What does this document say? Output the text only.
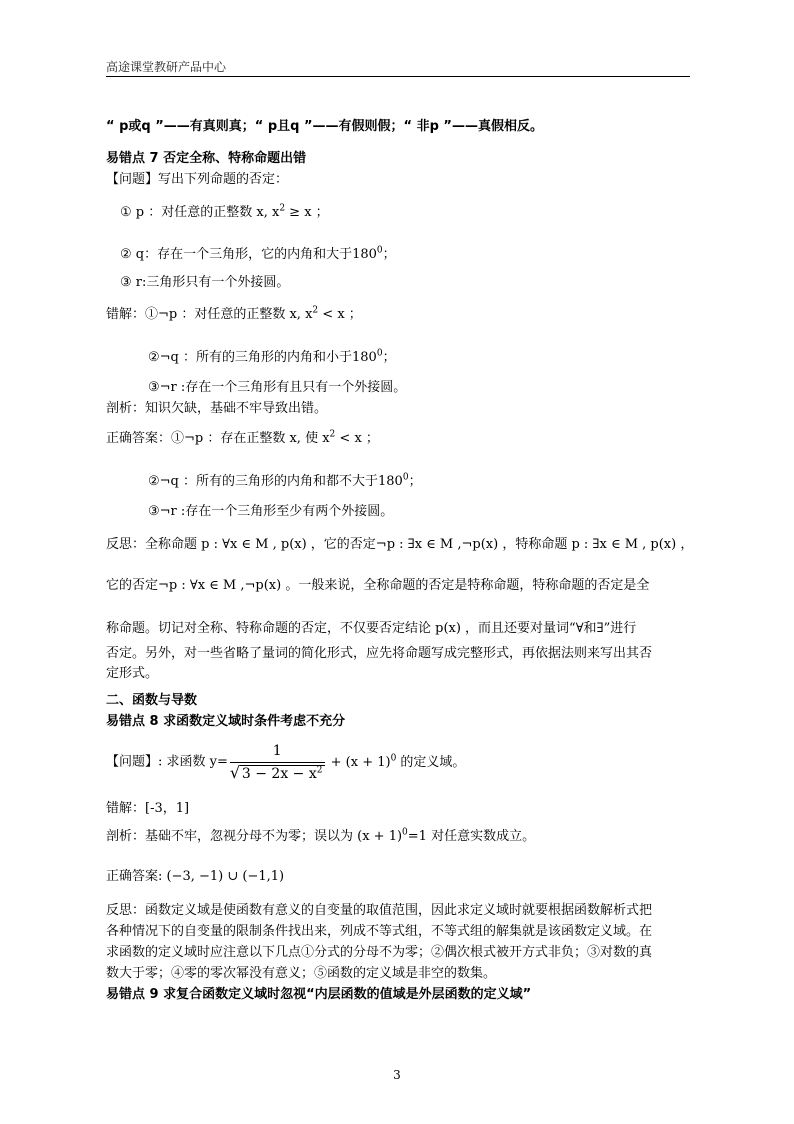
高途课堂教研产品中心
“ p或q ”——有真则真；“ p且q ”——有假则假；“ 非p ”——真假相反。
易错点 7 否定全称、特称命题出错
【问题】写出下列命题的否定：
① p ：对任意的正整数 x, $x^2 \ge x$ ；
② q：存在一个三角形，它的内角和大于$180^0$；
③ r:三角形只有一个外接圆。
错解：①¬p ：对任意的正整数 x, $x^2 < x$ ；
②¬q ：所有的三角形的内角和小于$180^0$；
③¬r :存在一个三角形有且只有一个外接圆。
剖析：知识欠缺，基础不牢导致出错。
正确答案：①¬p ：存在正整数 x, 使 $x^2 < x$ ；
②¬q ：所有的三角形的内角和都不大于$180^0$；
③¬r :存在一个三角形至少有两个外接圆。
反思：全称命题 p : ∀x ∈ M , p(x) ，它的否定¬p : ∃x ∈ M ,¬p(x) ，特称命题 p : ∃x ∈ M , p(x) ，
它的否定¬p : ∀x ∈ M ,¬p(x) 。一般来说，全称命题的否定是特称命题，特称命题的否定是全
称命题。切记对全称、特称命题的否定，不仅要否定结论 p(x) ，而且还要对量词“∀和∃”进行
否定。另外，对一些省略了量词的简化形式，应先将命题写成完整形式，再依据法则来写出其否
定形式。
二、函数与导数
易错点 8 求函数定义域时条件考虑不充分
【问题】: 求函数 $y= \frac{1}{√ 3 - 2x - x^2} + (x + 1)^0$ 的定义域。
错解：[-3，1]
剖析：基础不牢，忽视分母不为零；误以为 $(x + 1)^0=1$ 对任意实数成立。
正确答案: (−3, −1) ∪ (−1,1)
反思：函数定义域是使函数有意义的自变量的取值范围，因此求定义域时就要根据函数解析式把
各种情况下的自变量的限制条件找出来，列成不等式组，不等式组的解集就是该函数定义域。在
求函数的定义域时应注意以下几点①分式的分母不为零；②偶次根式被开方式非负；③对数的真
数大于零；④零的零次幂没有意义；⑤函数的定义域是非空的数集。
易错点 9 求复合函数定义域时忽视“内层函数的值域是外层函数的定义域”
3
